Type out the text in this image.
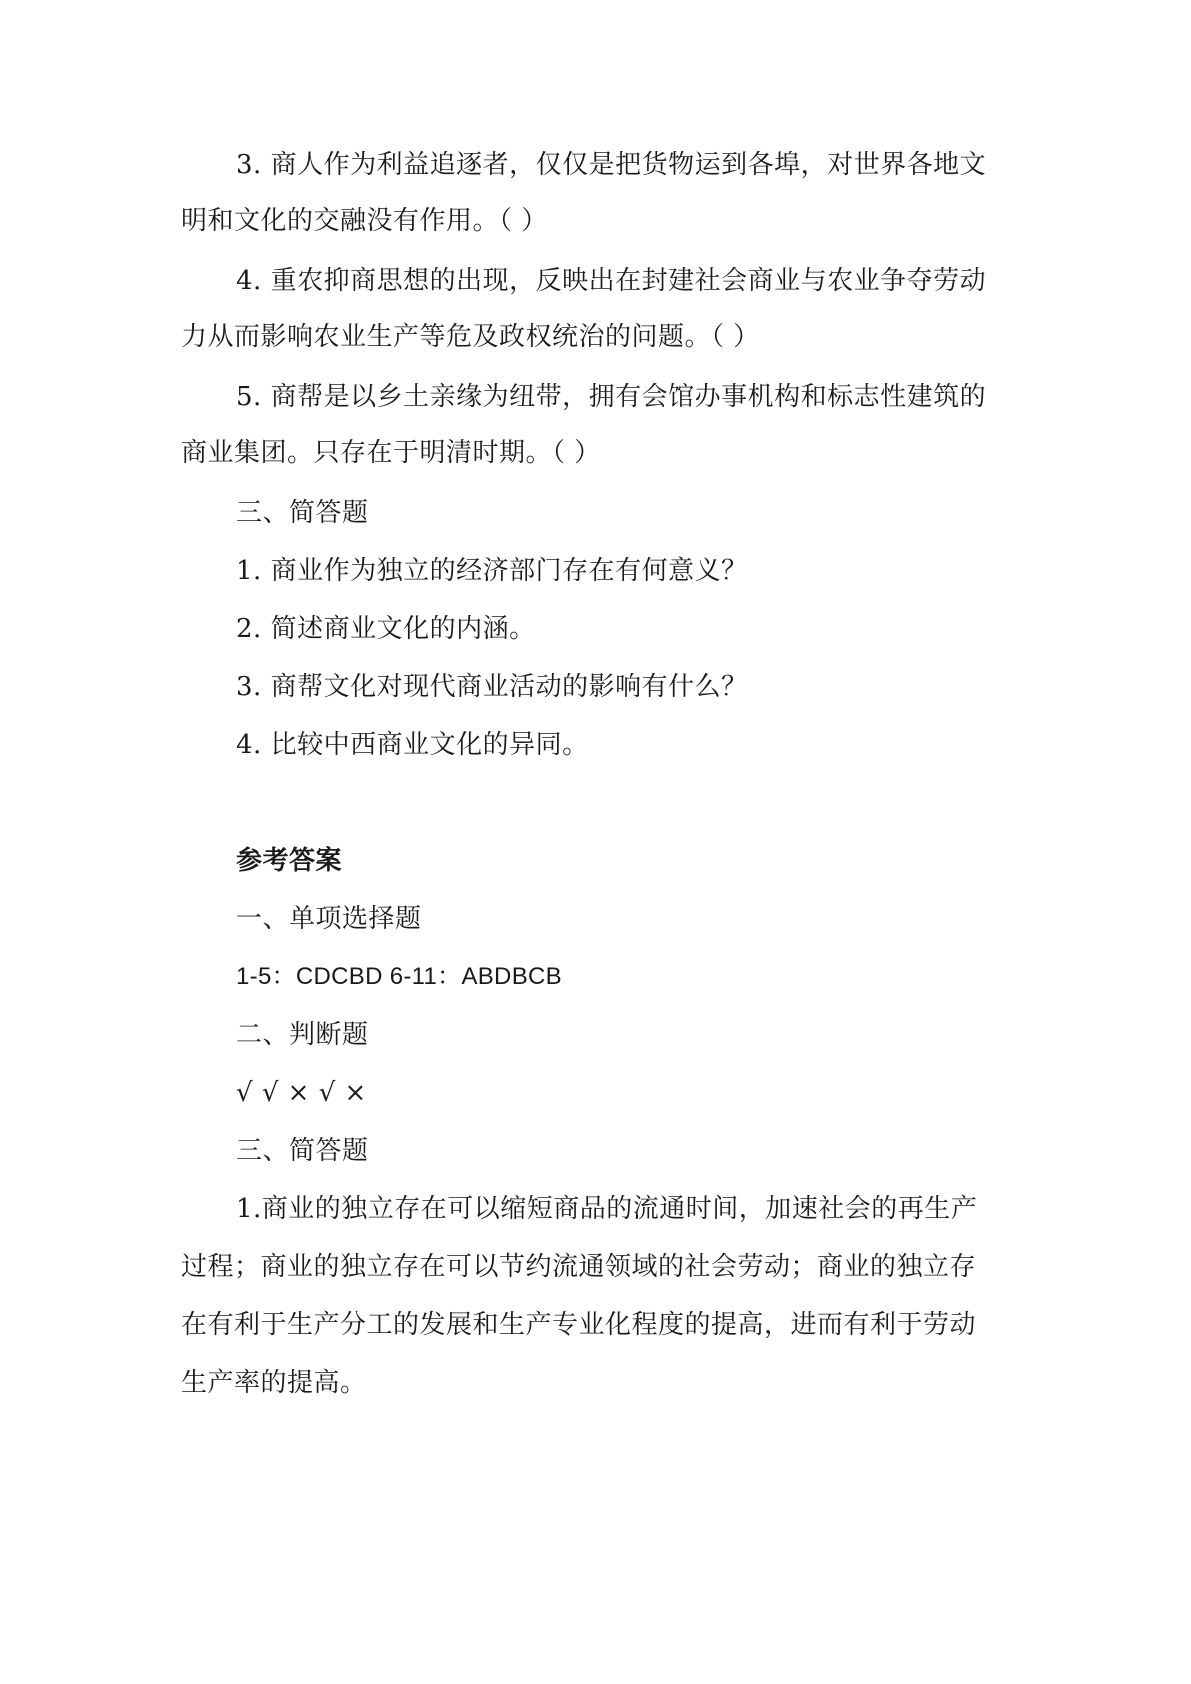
3. 商人作为利益追逐者，仅仅是把货物运到各埠，对世界各地文
明和文化的交融没有作用。（ ）
4. 重农抑商思想的出现，反映出在封建社会商业与农业争夺劳动
力从而影响农业生产等危及政权统治的问题。（ ）
5. 商帮是以乡土亲缘为纽带，拥有会馆办事机构和标志性建筑的
商业集团。只存在于明清时期。（ ）
三、简答题
1. 商业作为独立的经济部门存在有何意义？
2. 简述商业文化的内涵。
3. 商帮文化对现代商业活动的影响有什么？
4. 比较中西商业文化的异同。
参考答案
一、单项选择题
1-5：CDCBD 6-11：ABDBCB
二、判断题
√ √ × √ ×
三、简答题
1.商业的独立存在可以缩短商品的流通时间，加速社会的再生产
过程；商业的独立存在可以节约流通领域的社会劳动；商业的独立存
在有利于生产分工的发展和生产专业化程度的提高，进而有利于劳动
生产率的提高。
